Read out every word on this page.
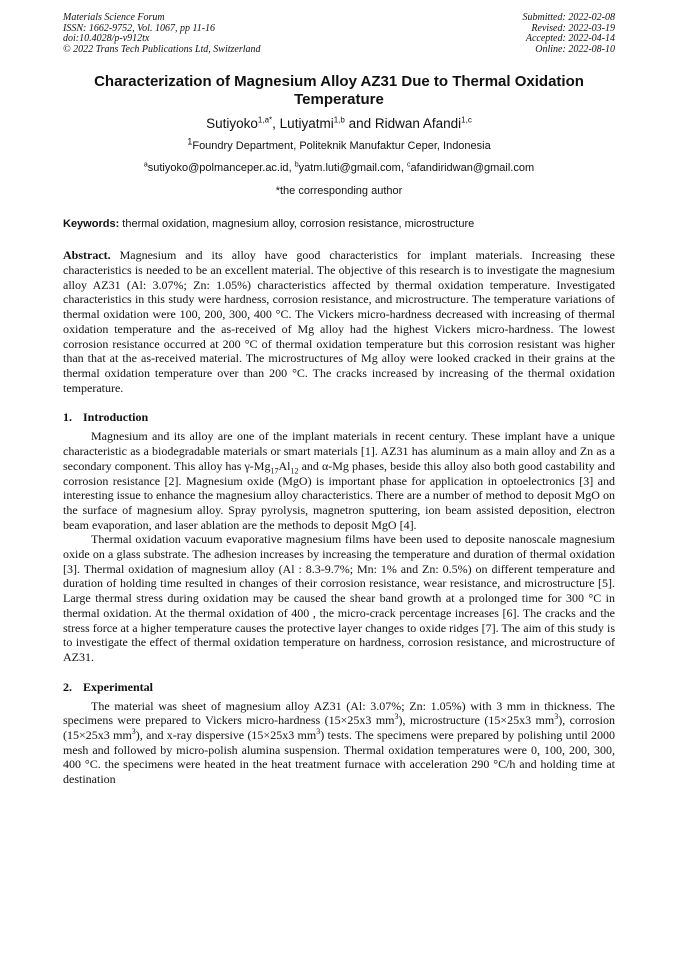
Materials Science Forum
ISSN: 1662-9752, Vol. 1067, pp 11-16
doi:10.4028/p-v912tx
© 2022 Trans Tech Publications Ltd, Switzerland
Submitted: 2022-02-08
Revised: 2022-03-19
Accepted: 2022-04-14
Online: 2022-08-10
Characterization of Magnesium Alloy AZ31 Due to Thermal Oxidation Temperature
Sutiyoko$^{1,a*}$, Lutiyatmi$^{1,b}$ and Ridwan Afandi$^{1,c}$
$^1$Foundry Department, Politeknik Manufaktur Ceper, Indonesia
$^a$sutiyoko@polmanceper.ac.id, $^b$yatm.luti@gmail.com, $^c$afandiridwan@gmail.com
*the corresponding author
Keywords: thermal oxidation, magnesium alloy, corrosion resistance, microstructure
Abstract. Magnesium and its alloy have good characteristics for implant materials. Increasing these characteristics is needed to be an excellent material. The objective of this research is to investigate the magnesium alloy AZ31 (Al: 3.07%; Zn: 1.05%) characteristics affected by thermal oxidation temperature. Investigated characteristics in this study were hardness, corrosion resistance, and microstructure. The temperature variations of thermal oxidation were 100, 200, 300, 400 °C. The Vickers micro-hardness decreased with increasing of thermal oxidation temperature and the as-received of Mg alloy had the highest Vickers micro-hardness. The lowest corrosion resistance occurred at 200 °C of thermal oxidation temperature but this corrosion resistant was higher than that at the as-received material. The microstructures of Mg alloy were looked cracked in their grains at the thermal oxidation temperature over than 200 °C. The cracks increased by increasing of the thermal oxidation temperature.
1. Introduction

Magnesium and its alloy are one of the implant materials in recent century. These implant have a unique characteristic as a biodegradable materials or smart materials [1]. AZ31 has aluminum as a main alloy and Zn as a secondary component. This alloy has $\gamma-Mg_{17}Al_{12}$ and α-Mg phases, beside this alloy also both good castability and corrosion resistance [2]. Magnesium oxide (MgO) is important phase for application in optoelectronics [3] and interesting issue to enhance the magnesium alloy characteristics. There are a number of method to deposit MgO on the surface of magnesium alloy. Spray pyrolysis, magnetron sputtering, ion beam assisted deposition, electron beam evaporation, and laser ablation are the methods to deposit MgO [4].

Thermal oxidation vacuum evaporative magnesium films have been used to deposite nanoscale magnesium oxide on a glass substrate. The adhesion increases by increasing the temperature and duration of thermal oxidation [3]. Thermal oxidation of magnesium alloy (Al : 8.3-9.7%; Mn: 1% and Zn: 0.5%) on different temperature and duration of holding time resulted in changes of their corrosion resistance, wear resistance, and microstructure [5]. Large thermal stress during oxidation may be caused the shear band growth at a prolonged time for 300 °C in thermal oxidation. At the thermal oxidation of 400 , the micro-crack percentage increases [6]. The cracks and the stress force at a higher temperature causes the protective layer changes to oxide ridges [7]. The aim of this study is to investigate the effect of thermal oxidation temperature on hardness, corrosion resistance, and microstructure of AZ31.

2. Experimental

The material was sheet of magnesium alloy AZ31 (Al: 3.07%; Zn: 1.05%) with 3 mm in thickness. The specimens were prepared to Vickers micro-hardness (15×25x3 $mm^3$), microstructure (15×25x3 $mm^3$), corrosion (15×25x3 $mm^3$), and x-ray dispersive (15×25x3 $mm^3$) tests. The specimens were prepared by polishing until 2000 mesh and followed by micro-polish alumina suspension. Thermal oxidation temperatures were 0, 100, 200, 300, 400 °C. the specimens were heated in the heat treatment furnace with acceleration 290 °C/h and holding time at destination
